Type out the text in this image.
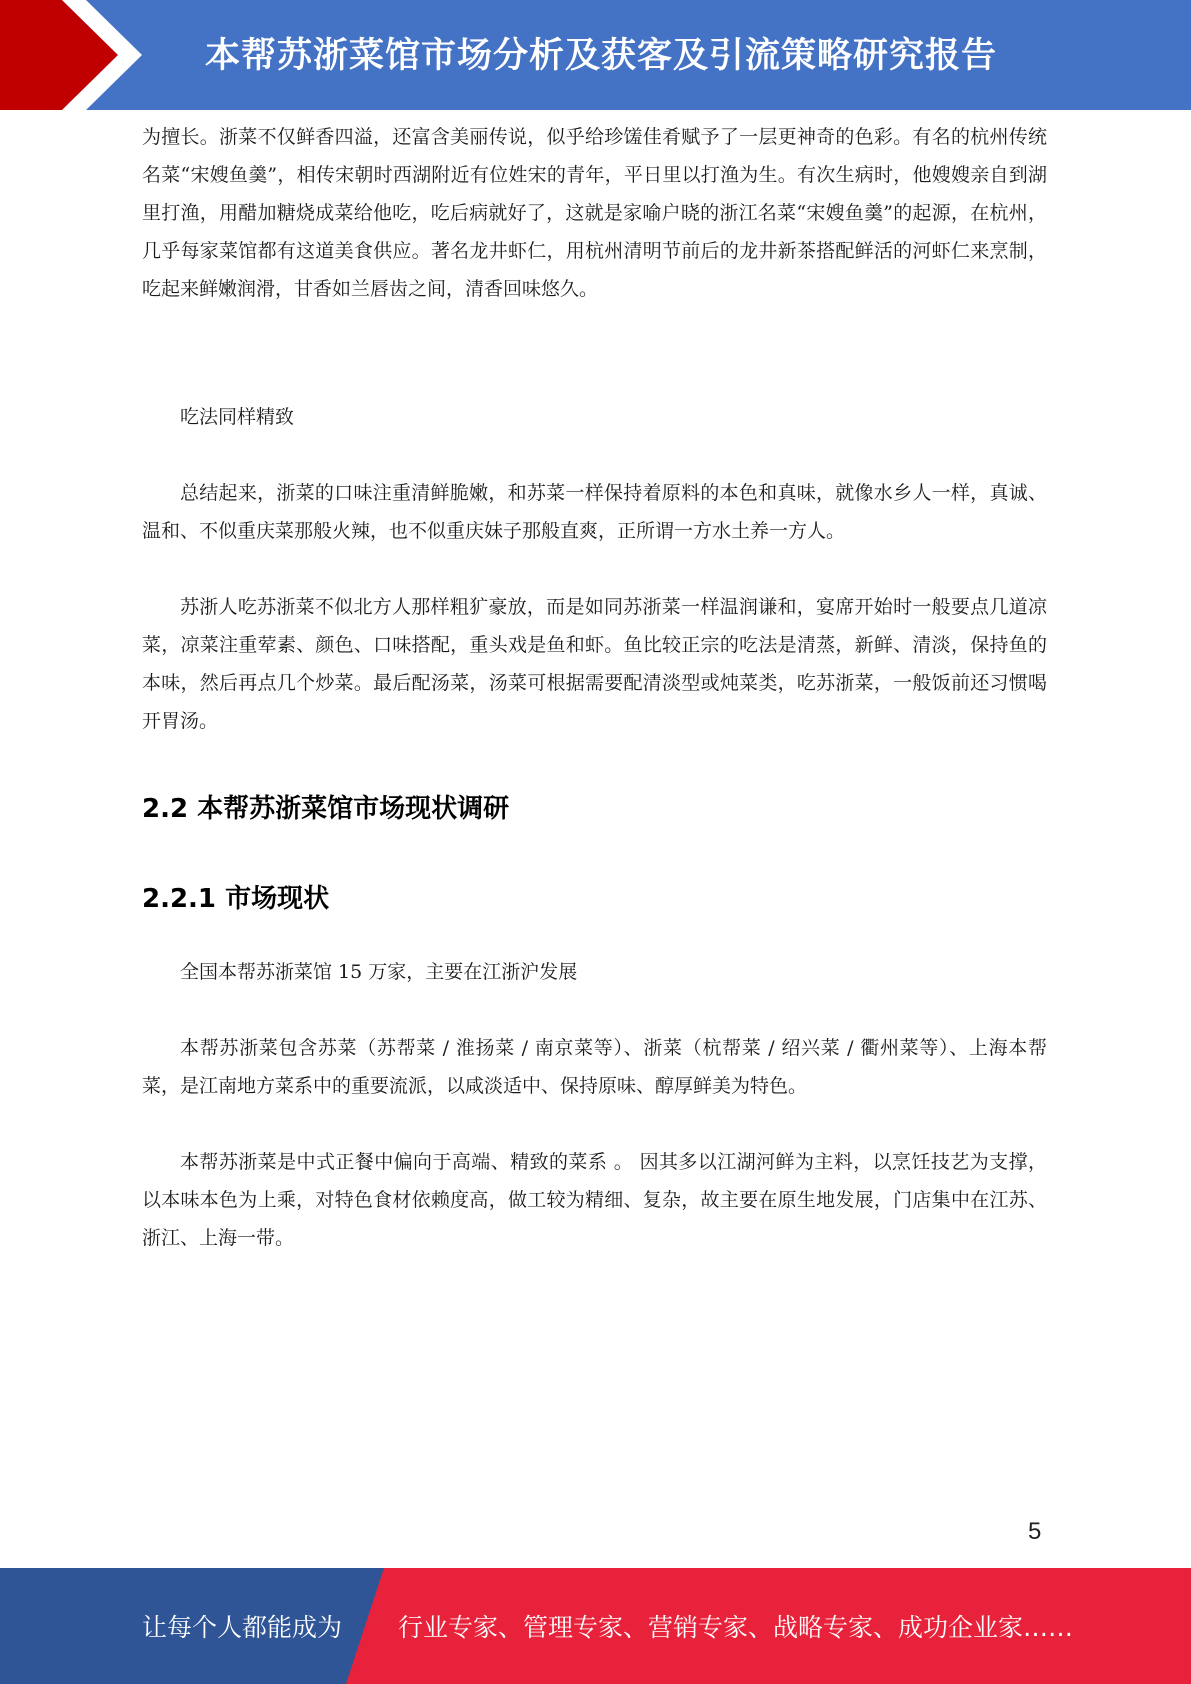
本帮苏浙菜馆市场分析及获客及引流策略研究报告

为擅长。浙菜不仅鲜香四溢，还富含美丽传说，似乎给珍馐佳肴赋予了一层更神奇的色彩。有名的杭州传统名菜“宋嫂鱼羹”，相传宋朝时西湖附近有位姓宋的青年，平日里以打渔为生。有次生病时，他嫂嫂亲自到湖里打渔，用醋加糖烧成菜给他吃，吃后病就好了，这就是家喻户晓的浙江名菜“宋嫂鱼羹”的起源，在杭州，几乎每家菜馆都有这道美食供应。著名龙井虾仁，用杭州清明节前后的龙井新茶搭配鲜活的河虾仁来烹制，吃起来鲜嫩润滑，甘香如兰唇齿之间，清香回味悠久。

吃法同样精致

总结起来，浙菜的口味注重清鲜脆嫩，和苏菜一样保持着原料的本色和真味，就像水乡人一样，真诚、温和、不似重庆菜那般火辣，也不似重庆妹子那般直爽，正所谓一方水土养一方人。

苏浙人吃苏浙菜不似北方人那样粗犷豪放，而是如同苏浙菜一样温润谦和，宴席开始时一般要点几道凉菜，凉菜注重荤素、颜色、口味搭配，重头戏是鱼和虾。鱼比较正宗的吃法是清蒸，新鲜、清淡，保持鱼的本味，然后再点几个炒菜。最后配汤菜，汤菜可根据需要配清淡型或炖菜类，吃苏浙菜，一般饭前还习惯喝开胃汤。

2.2 本帮苏浙菜馆市场现状调研
2.2.1 市场现状

全国本帮苏浙菜馆 15 万家，主要在江浙沪发展

本帮苏浙菜包含苏菜（苏帮菜 / 淮扬菜 / 南京菜等）、浙菜（杭帮菜 / 绍兴菜 / 衢州菜等）、上海本帮菜，是江南地方菜系中的重要流派，以咸淡适中、保持原味、醇厚鲜美为特色。

本帮苏浙菜是中式正餐中偏向于高端、精致的菜系 。 因其多以江湖河鲜为主料，以烹饪技艺为支撑，以本味本色为上乘，对特色食材依赖度高，做工较为精细、复杂，故主要在原生地发展，门店集中在江苏、浙江、上海一带。

5
让每个人都能成为 行业专家、管理专家、营销专家、战略专家、成功企业家……
